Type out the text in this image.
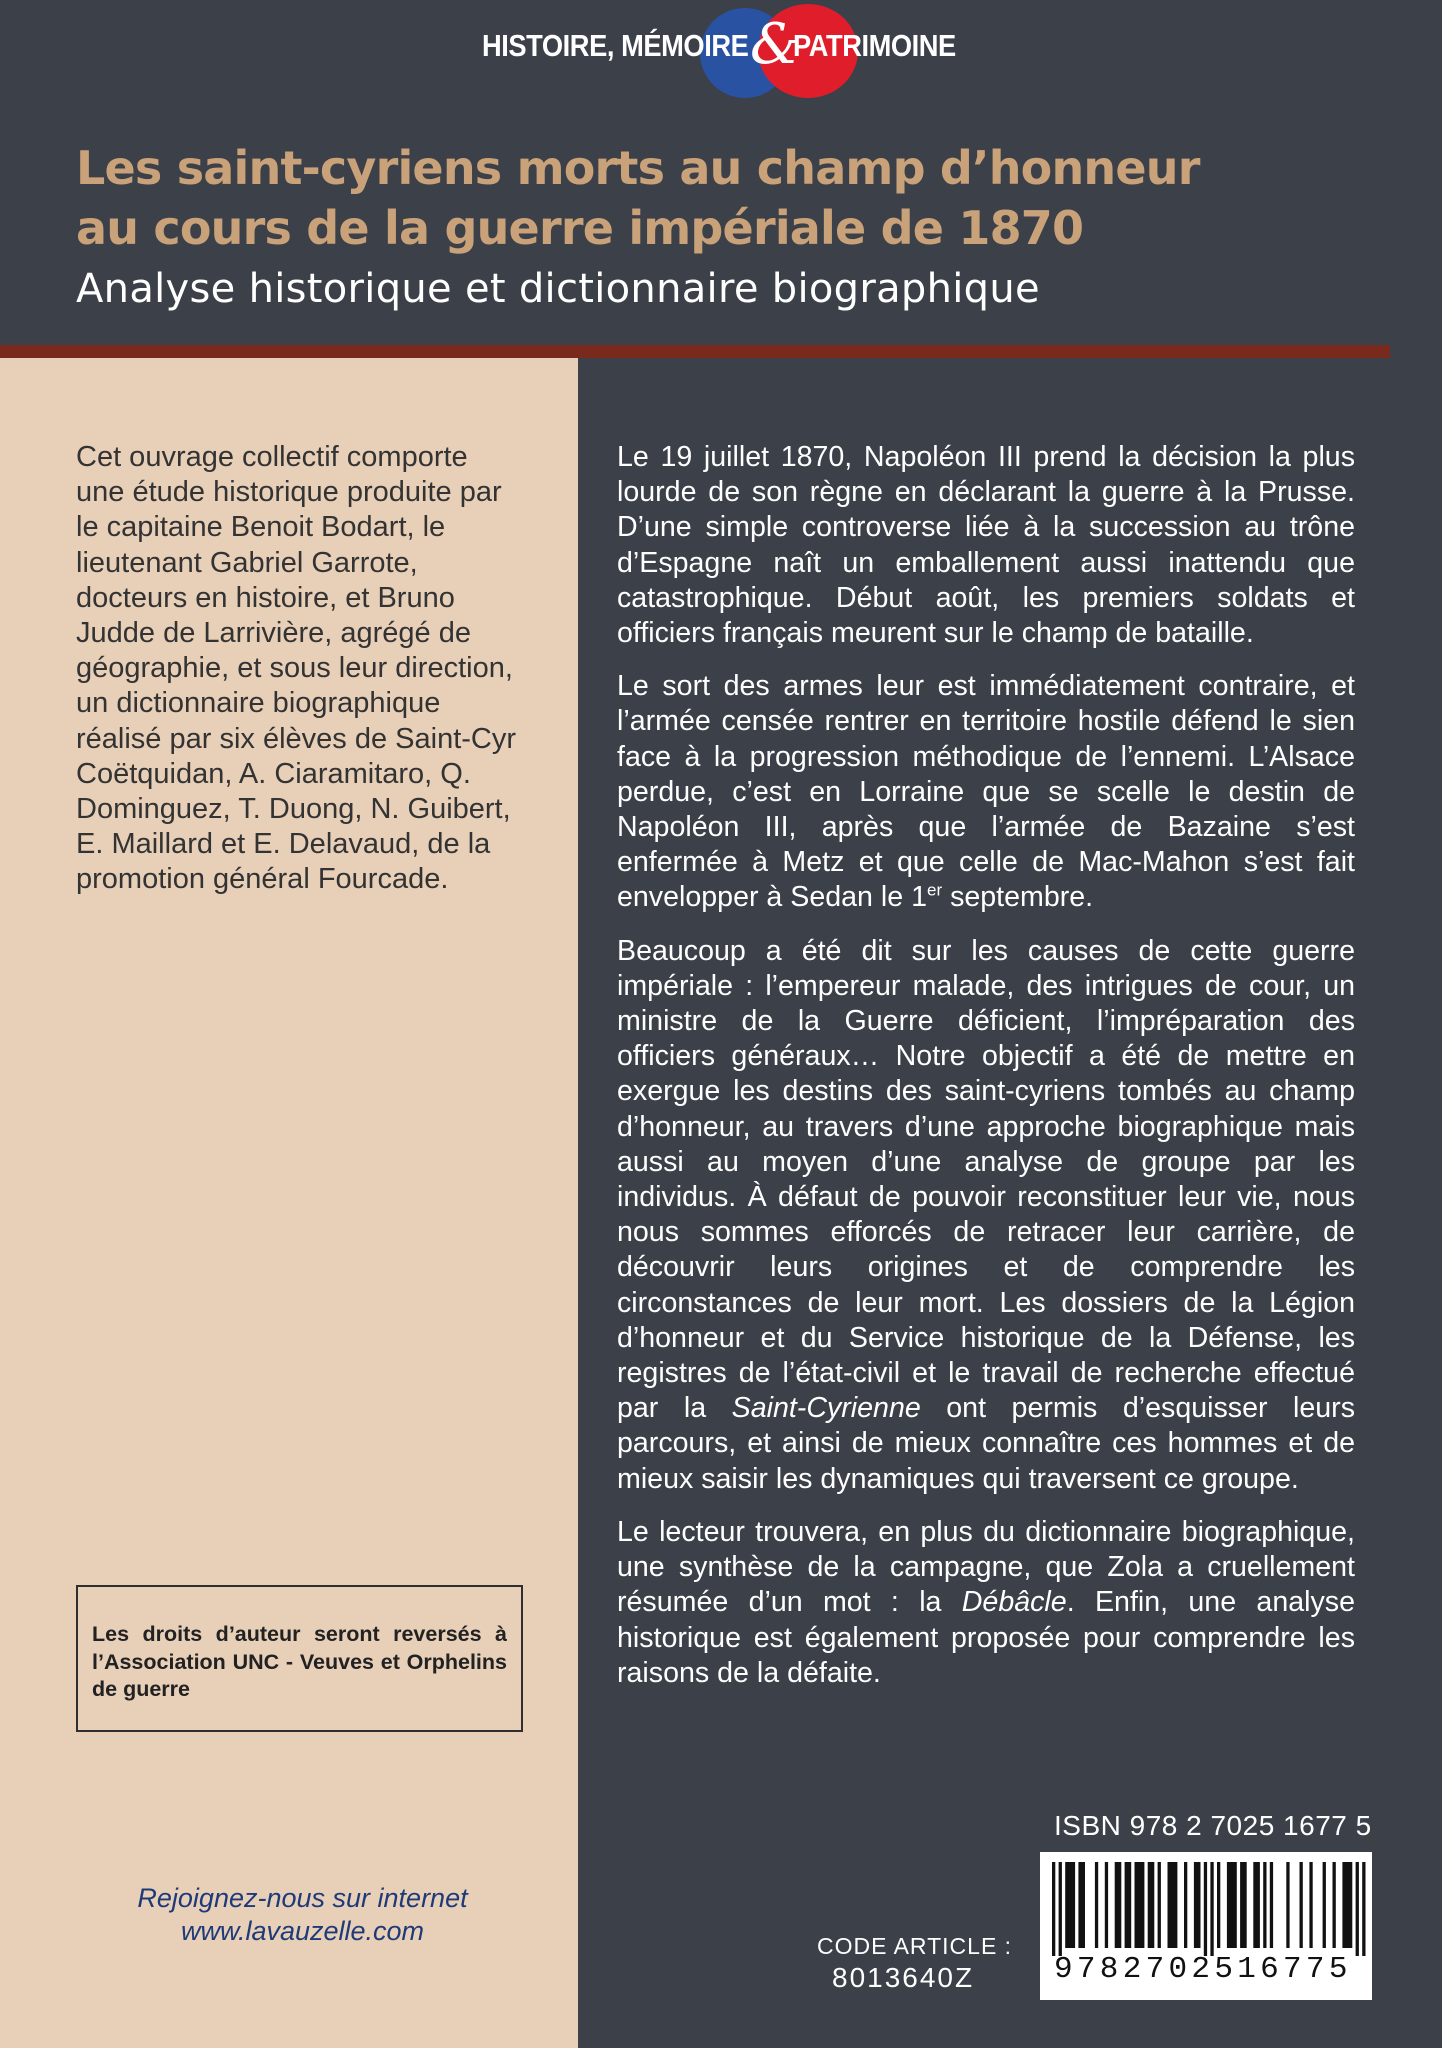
&
HISTOIRE, MÉMOIRE PATRIMOINE
Les saint-cyriens morts au champ d’honneur
au cours de la guerre impériale de 1870
Analyse historique et dictionnaire biographique

Cet ouvrage collectif comporte une étude historique produite par le capitaine Benoit Bodart, le lieutenant Gabriel Garrote, docteurs en histoire, et Bruno Judde de Larrivière, agrégé de géographie, et sous leur direction, un dictionnaire biographique réalisé par six élèves de Saint-Cyr Coëtquidan, A. Ciaramitaro, Q. Dominguez, T. Duong, N. Guibert, E. Maillard et E. Delavaud, de la promotion général Fourcade.

Les droits d’auteur seront reversés à l’Association UNC - Veuves et Orphelins de guerre

Rejoignez-nous sur internet
www.lavauzelle.com

Le 19 juillet 1870, Napoléon III prend la décision la plus lourde de son règne en déclarant la guerre à la Prusse. D’une simple controverse liée à la succession au trône d’Espagne naît un emballement aussi inattendu que catastrophique. Début août, les premiers soldats et officiers français meurent sur le champ de bataille.

Le sort des armes leur est immédiatement contraire, et l’armée censée rentrer en territoire hostile défend le sien face à la progression méthodique de l’ennemi. L’Alsace perdue, c’est en Lorraine que se scelle le destin de Napoléon III, après que l’armée de Bazaine s’est enfermée à Metz et que celle de Mac-Mahon s’est fait envelopper à Sedan le 1er septembre.

Beaucoup a été dit sur les causes de cette guerre impériale : l’empereur malade, des intrigues de cour, un ministre de la Guerre déficient, l’impréparation des officiers généraux… Notre objectif a été de mettre en exergue les destins des saint-cyriens tombés au champ d’honneur, au travers d’une approche biographique mais aussi au moyen d’une analyse de groupe par les individus. À défaut de pouvoir reconstituer leur vie, nous nous sommes efforcés de retracer leur carrière, de découvrir leurs origines et de comprendre les circonstances de leur mort. Les dossiers de la Légion d’honneur et du Service historique de la Défense, les registres de l’état-civil et le travail de recherche effectué par la Saint-Cyrienne ont permis d’esquisser leurs parcours, et ainsi de mieux connaître ces hommes et de mieux saisir les dynamiques qui traversent ce groupe.

Le lecteur trouvera, en plus du dictionnaire biographique, une synthèse de la campagne, que Zola a cruellement résumée d’un mot : la Débâcle. Enfin, une analyse historique est également proposée pour comprendre les raisons de la défaite.

ISBN 978 2 7025 1677 5
CODE ARTICLE :
8013640Z	9782702516775
